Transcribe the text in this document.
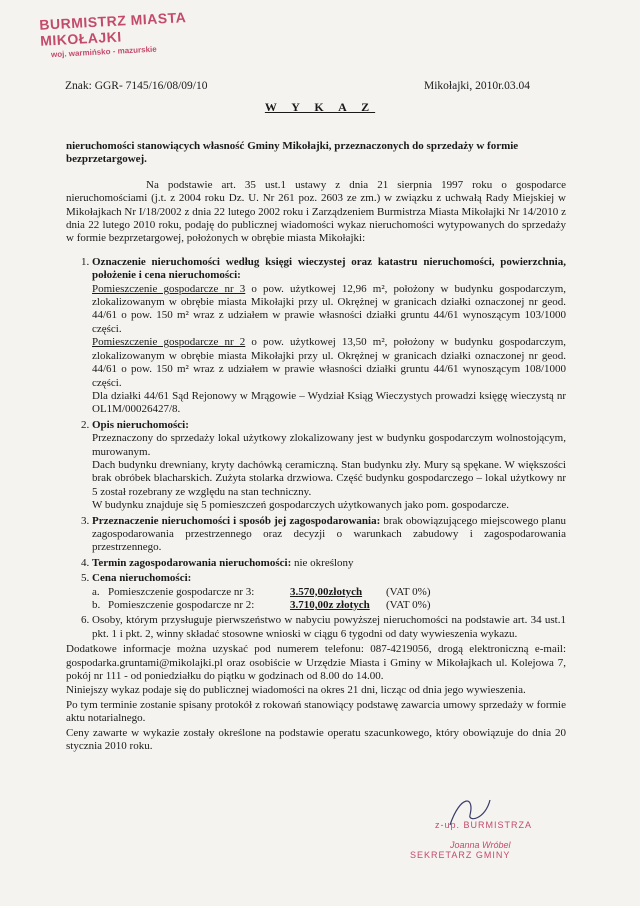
BURMISTRZ MIASTA MIKOŁAJKI
woj. warmińsko - mazurskie
Znak: GGR- 7145/16/08/09/10	Mikołajki, 2010r.03.04
W Y K A Z

nieruchomości stanowiących własność Gminy Mikołajki, przeznaczonych do sprzedaży w formie bezprzetargowej.

Na podstawie art. 35 ust.1 ustawy z dnia 21 sierpnia 1997 roku o gospodarce nieruchomościami (j.t. z 2004 roku Dz. U. Nr 261 poz. 2603 ze zm.) w związku z uchwałą Rady Miejskiej w Mikołajkach Nr I/18/2002 z dnia 22 lutego 2002 roku i Zarządzeniem Burmistrza Miasta Mikołajki Nr 14/2010 z dnia 22 lutego 2010 roku, podaję do publicznej wiadomości wykaz nieruchomości wytypowanych do sprzedaży w formie bezprzetargowej, położonych w obrębie miasta Mikołajki:

1. Oznaczenie nieruchomości według księgi wieczystej oraz katastru nieruchomości, powierzchnia, położenie i cena nieruchomości:
Pomieszczenie gospodarcze nr 3 o pow. użytkowej 12,96 m², położony w budynku gospodarczym, zlokalizowanym w obrębie miasta Mikołajki przy ul. Okrężnej w granicach działki oznaczonej nr geod. 44/61 o pow. 150 m² wraz z udziałem w prawie własności działki gruntu 44/61 wynoszącym 103/1000 części.
Pomieszczenie gospodarcze nr 2 o pow. użytkowej 13,50 m², położony w budynku gospodarczym, zlokalizowanym w obrębie miasta Mikołajki przy ul. Okrężnej w granicach działki oznaczonej nr geod. 44/61 o pow. 150 m² wraz z udziałem w prawie własności działki gruntu 44/61 wynoszącym 108/1000 części.
Dla działki 44/61 Sąd Rejonowy w Mrągowie – Wydział Ksiąg Wieczystych prowadzi księgę wieczystą nr OL1M/00026427/8.
2. Opis nieruchomości:
Przeznaczony do sprzedaży lokal użytkowy zlokalizowany jest w budynku gospodarczym wolnostojącym, murowanym.
Dach budynku drewniany, kryty dachówką ceramiczną. Stan budynku zły. Mury są spękane. W większości brak obróbek blacharskich. Zużyta stolarka drzwiowa. Część budynku gospodarczego – lokal użytkowy nr 5 został rozebrany ze względu na stan techniczny.
W budynku znajduje się 5 pomieszczeń gospodarczych użytkowanych jako pom. gospodarcze.
3. Przeznaczenie nieruchomości i sposób jej zagospodarowania: brak obowiązującego miejscowego planu zagospodarowania przestrzennego oraz decyzji o warunkach zabudowy i zagospodarowania przestrzennego.
4. Termin zagospodarowania nieruchomości: nie określony
5. Cena nieruchomości:
a. Pomieszczenie gospodarcze nr 3:	3.570,00złotych	(VAT 0%)
b. Pomieszczenie gospodarcze nr 2:	3.710,00z złotych	(VAT 0%)
6. Osoby, którym przysługuje pierwszeństwo w nabyciu powyższej nieruchomości na podstawie art. 34 ust.1 pkt. 1 i pkt. 2, winny składać stosowne wnioski w ciągu 6 tygodni od daty wywieszenia wykazu.

Dodatkowe informacje można uzyskać pod numerem telefonu: 087-4219056, drogą elektroniczną e-mail: gospodarka.gruntami@mikolajki.pl oraz osobiście w Urzędzie Miasta i Gminy w Mikołajkach ul. Kolejowa 7, pokój nr 111 - od poniedziałku do piątku w godzinach od 8.00 do 14.00.

Niniejszy wykaz podaje się do publicznej wiadomości na okres 21 dni, licząc od dnia jego wywieszenia.

Po tym terminie zostanie spisany protokół z rokowań stanowiący podstawę zawarcia umowy sprzedaży w formie aktu notarialnego.

Ceny zawarte w wykazie zostały określone na podstawie operatu szacunkowego, który obowiązuje do dnia 20 stycznia 2010 roku.

z-up. BURMISTRZA
Joanna Wróbel
SEKRETARZ GMINY
